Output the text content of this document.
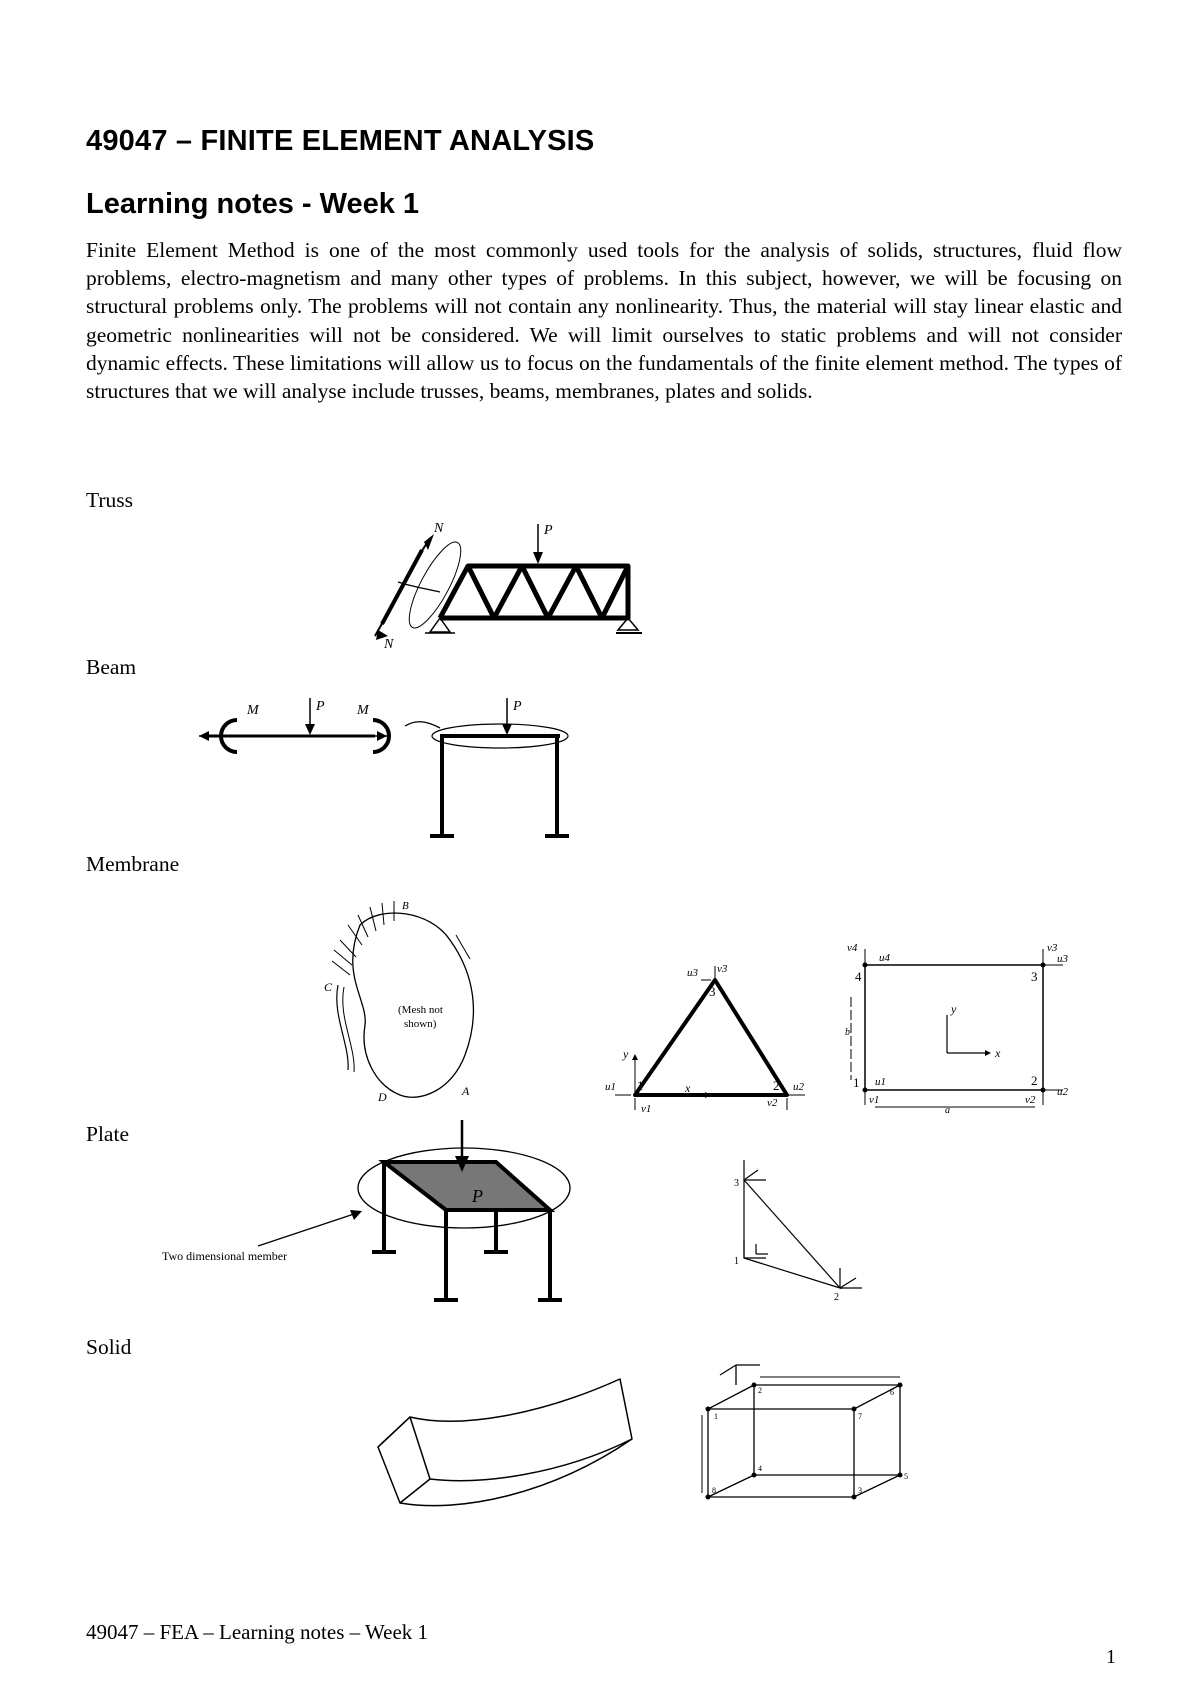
49047 – FINITE ELEMENT ANALYSIS
Learning notes - Week 1

Finite Element Method is one of the most commonly used tools for the analysis of solids, structures, fluid flow problems, electro-magnetism and many other types of problems. In this subject, however, we will be focusing on structural problems only. The problems will not contain any nonlinearity. Thus, the material will stay linear elastic and geometric nonlinearities will not be considered. We will limit ourselves to static problems and will not consider dynamic effects. These limitations will allow us to focus on the fundamentals of the finite element method. The types of structures that we will analyse include trusses, beams, membranes, plates and solids.

Truss
P
N
N
Beam
P
M	M	P
Membrane
(Mesh not
shown)
C
D	A
B
x
y
1	2
3
u1	u2
u3
v1	v2
v3
x
y
1	2
3
4
u1
u2
u3
u4
v1	v2
v3
v4
b
a
Plate
P
Two dimensional member	1
2
3
Solid
1
2
3
4
5
6
7
8
49047 – FEA – Learning notes – Week 1
1
